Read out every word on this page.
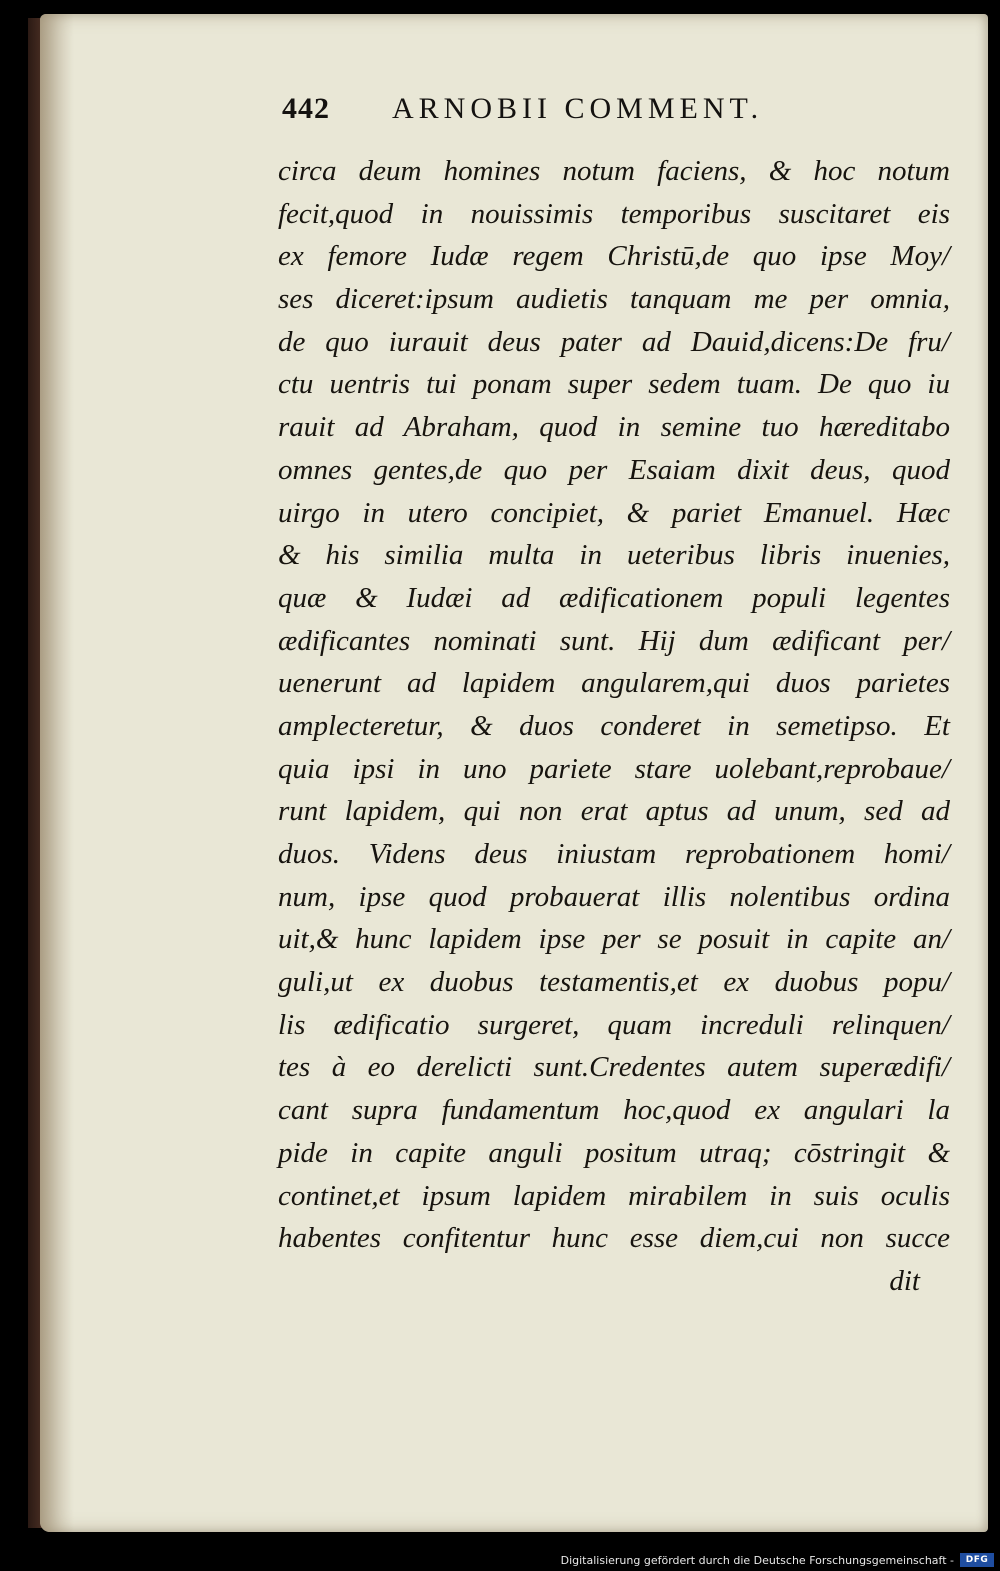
442	ARNOBII COMMENT.
circa deum homines notum faciens, & hoc notum
fecit,quod in nouissimis temporibus suscitaret eis
ex femore Iudæ regem Christū,de quo ipse Moy/
ses diceret:ipsum audietis tanquam me per omnia,
de quo iurauit deus pater ad Dauid,dicens:De fru/
ctu uentris tui ponam super sedem tuam. De quo iu
rauit ad Abraham, quod in semine tuo hæreditabo
omnes gentes,de quo per Esaiam dixit deus, quod
uirgo in utero concipiet, & pariet Emanuel. Hæc
& his similia multa in ueteribus libris inuenies,
quæ & Iudæi ad ædificationem populi legentes
ædificantes nominati sunt. Hij dum ædificant per/
uenerunt ad lapidem angularem,qui duos parietes
amplecteretur, & duos conderet in semetipso. Et
quia ipsi in uno pariete stare uolebant,reprobaue/
runt lapidem, qui non erat aptus ad unum, sed ad
duos. Videns deus iniustam reprobationem homi/
num, ipse quod probauerat illis nolentibus ordina
uit,& hunc lapidem ipse per se posuit in capite an/
guli,ut ex duobus testamentis,et ex duobus popu/
lis ædificatio surgeret, quam increduli relinquen/
tes à eo derelicti sunt.Credentes autem superædifi/
cant supra fundamentum hoc,quod ex angulari la
pide in capite anguli positum utraq; cōstringit &
continet,et ipsum lapidem mirabilem in suis oculis
habentes confitentur hunc esse diem,cui non succe
dit
Digitalisierung gefördert durch die Deutsche Forschungsgemeinschaft -	DFG
